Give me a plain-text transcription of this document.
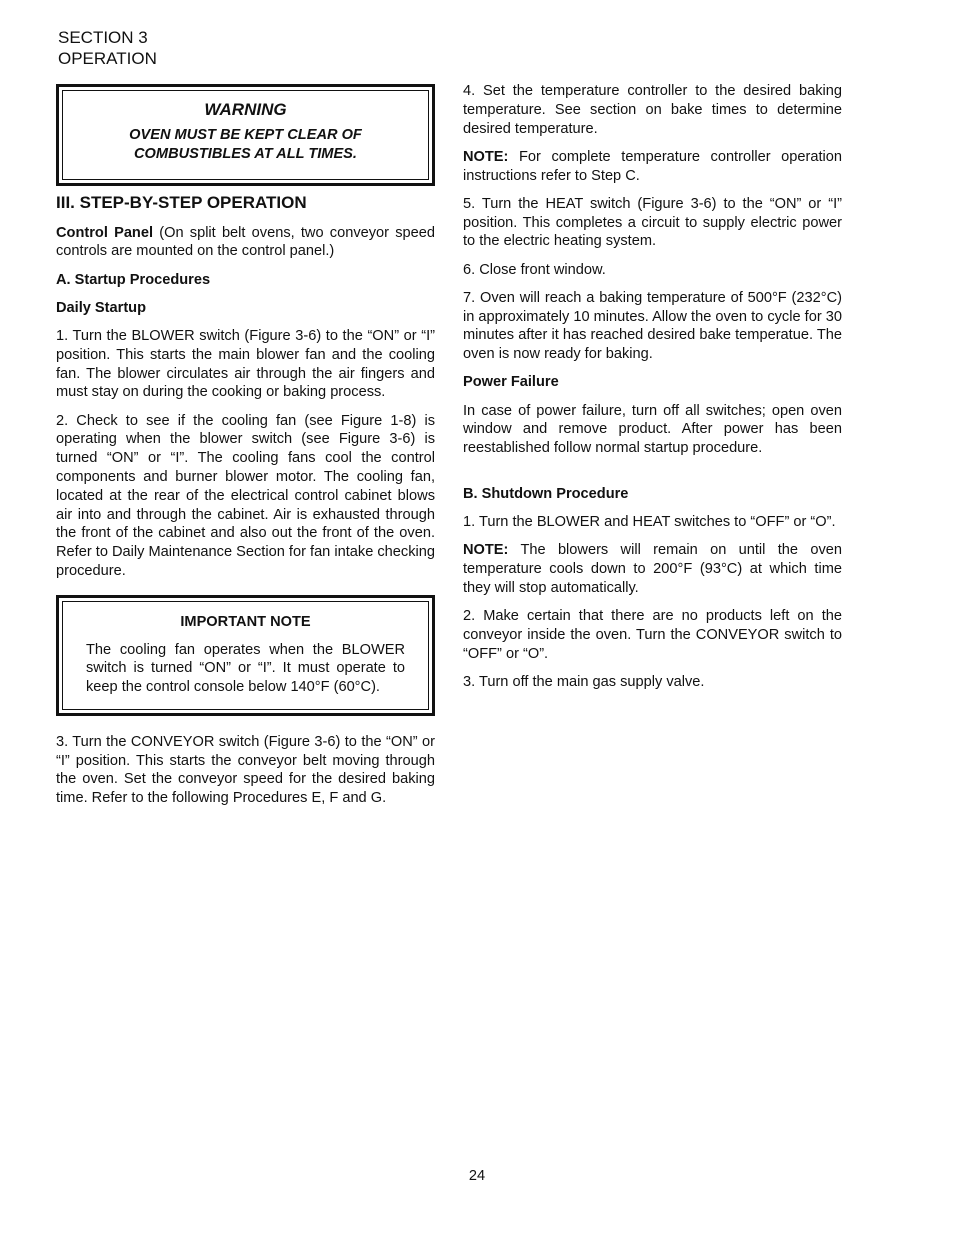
SECTION 3
OPERATION
WARNING
OVEN MUST BE KEPT CLEAR OF
COMBUSTIBLES AT ALL TIMES.
III. STEP-BY-STEP OPERATION

Control Panel (On split belt ovens, two conveyor speed controls are mounted on the control panel.)

A. Startup Procedures

Daily Startup

1. Turn the BLOWER switch (Figure 3-6) to the “ON” or “I” position. This starts the main blower fan and the cooling fan. The blower circulates air through the air fingers and must stay on during the cooking or baking process.

2. Check to see if the cooling fan (see Figure 1-8) is operating when the blower switch (see Figure 3-6) is turned “ON” or “I”. The cooling fans cool the control components and burner blower motor. The cooling fan, located at the rear of the electrical control cabinet blows air into and through the cabinet. Air is exhausted through the front of the cabinet and also out the front of the oven. Refer to Daily Maintenance Section for fan intake checking procedure.

IMPORTANT NOTE

The cooling fan operates when the BLOWER switch is turned “ON” or “I”. It must operate to keep the control console below 140°F (60°C).

3. Turn the CONVEYOR switch (Figure 3-6) to the “ON” or “I” position. This starts the conveyor belt moving through the oven. Set the conveyor speed for the desired baking time. Refer to the following Procedures E, F and G.

4. Set the temperature controller to the desired baking temperature. See section on bake times to determine desired temperature.

NOTE: For complete temperature controller operation instructions refer to Step C.

5. Turn the HEAT switch (Figure 3-6) to the “ON” or “I” position. This completes a circuit to supply electric power to the electric heating system.

6. Close front window.

7. Oven will reach a baking temperature of 500°F (232°C) in approximately 10 minutes. Allow the oven to cycle for 30 minutes after it has reached desired bake temperatue. The oven is now ready for baking.

Power Failure

In case of power failure, turn off all switches; open oven window and remove product. After power has been reestablished follow normal startup procedure.

B. Shutdown Procedure

1. Turn the BLOWER and HEAT switches to “OFF” or “O”.

NOTE: The blowers will remain on until the oven temperature cools down to 200°F (93°C) at which time they will stop automatically.

2. Make certain that there are no products left on the conveyor inside the oven. Turn the CONVEYOR switch to “OFF” or “O”.

3. Turn off the main gas supply valve.

24
